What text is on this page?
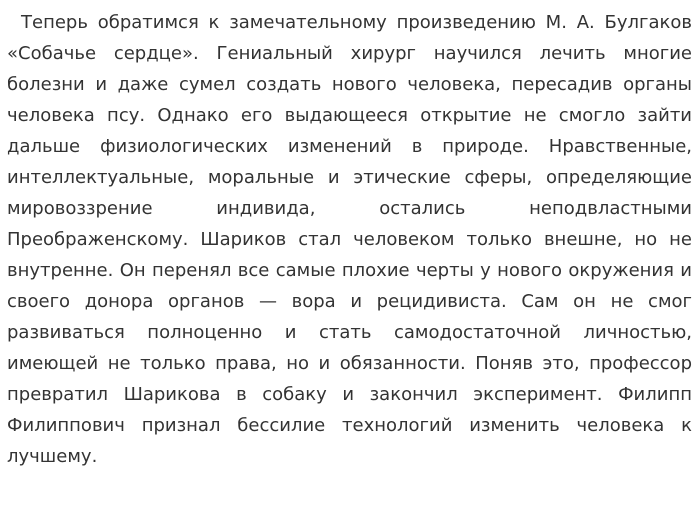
Теперь обратимся к замечательному произведению М. А. Булгаков «Собачье сердце». Гениальный хирург научился лечить многие болезни и даже сумел создать нового человека, пересадив органы человека псу. Однако его выдающееся открытие не смогло зайти дальше физиологических изменений в природе. Нравственные, интеллектуальные, моральные и этические сферы, определяющие мировоззрение индивида, остались неподвластными Преображенскому. Шариков стал человеком только внешне, но не внутренне. Он перенял все самые плохие черты у нового окружения и своего донора органов — вора и рецидивиста. Сам он не смог развиваться полноценно и стать самодостаточной личностью, имеющей не только права, но и обязанности. Поняв это, профессор превратил Шарикова в собаку и закончил эксперимент. Филипп Филиппович признал бессилие технологий изменить человека к лучшему.
